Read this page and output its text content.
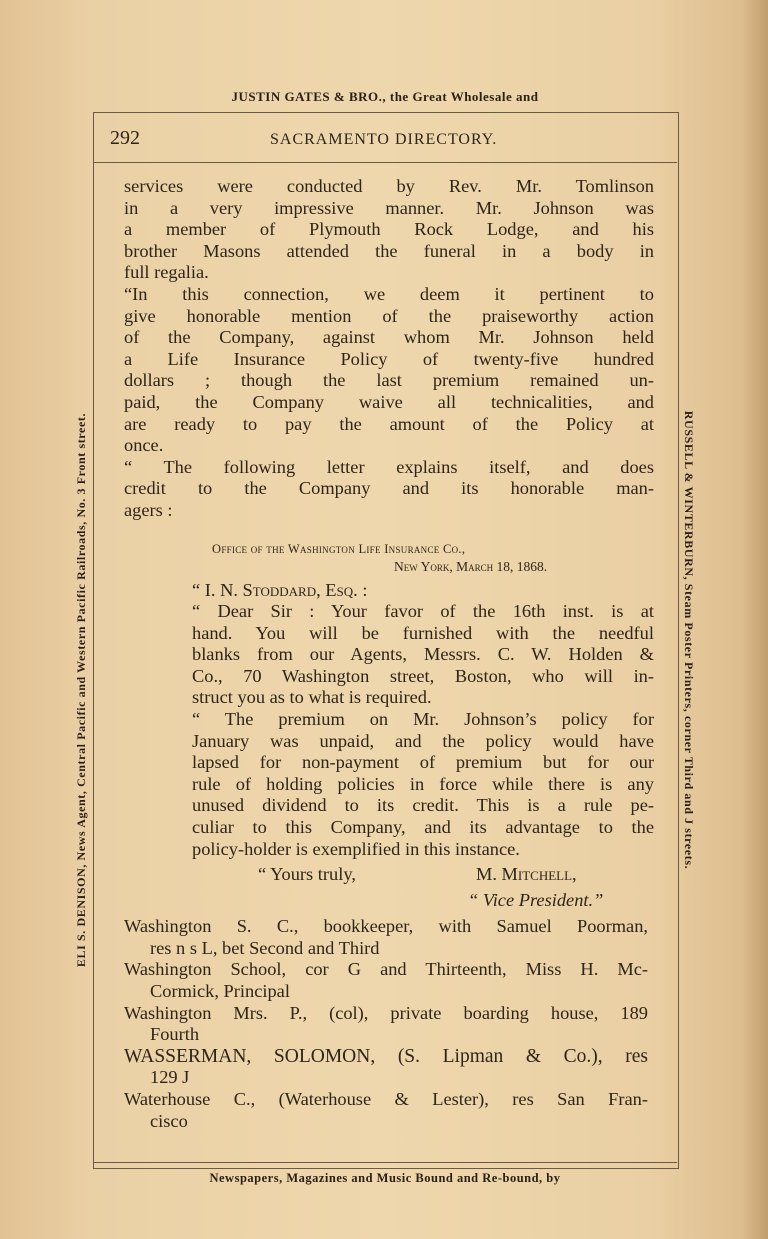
JUSTIN GATES & BRO., the Great Wholesale and
292	SACRAMENTO DIRECTORY.
ELI S. DENISON, News Agent, Central Pacific and Western Pacific Railroads, No. 3 Front street.	RUSSELL & WINTERBURN, Steam Poster Printers, corner Third and J streets.
services were conducted by Rev. Mr. Tomlinson
in a very impressive manner. Mr. Johnson was
a member of Plymouth Rock Lodge, and his
brother Masons attended the funeral in a body in
full regalia.
“In this connection, we deem it pertinent to
give honorable mention of the praiseworthy action
of the Company, against whom Mr. Johnson held
a Life Insurance Policy of twenty-five hundred
dollars ; though the last premium remained un-
paid, the Company waive all technicalities, and
are ready to pay the amount of the Policy at
once.
“ The following letter explains itself, and does
credit to the Company and its honorable man-
agers :
Office of the Washington Life Insurance Co.,
New York, March 18, 1868.
“ I. N. Stoddard, Esq. :
“ Dear Sir : Your favor of the 16th inst. is at
hand. You will be furnished with the needful
blanks from our Agents, Messrs. C. W. Holden &
Co., 70 Washington street, Boston, who will in-
struct you as to what is required.
“ The premium on Mr. Johnson’s policy for
January was unpaid, and the policy would have
lapsed for non-payment of premium but for our
rule of holding policies in force while there is any
unused dividend to its credit. This is a rule pe-
culiar to this Company, and its advantage to the
policy-holder is exemplified in this instance.
“ Yours truly,	M. Mitchell,
“ Vice President.”
Washington S. C., bookkeeper, with Samuel Poorman,
res n s L, bet Second and Third
Washington School, cor G and Thirteenth, Miss H. Mc-
Cormick, Principal
Washington Mrs. P., (col), private boarding house, 189
Fourth
WASSERMAN, SOLOMON, (S. Lipman & Co.), res
129 J
Waterhouse C., (Waterhouse & Lester), res San Fran-
cisco
Newspapers, Magazines and Music Bound and Re-bound, by
